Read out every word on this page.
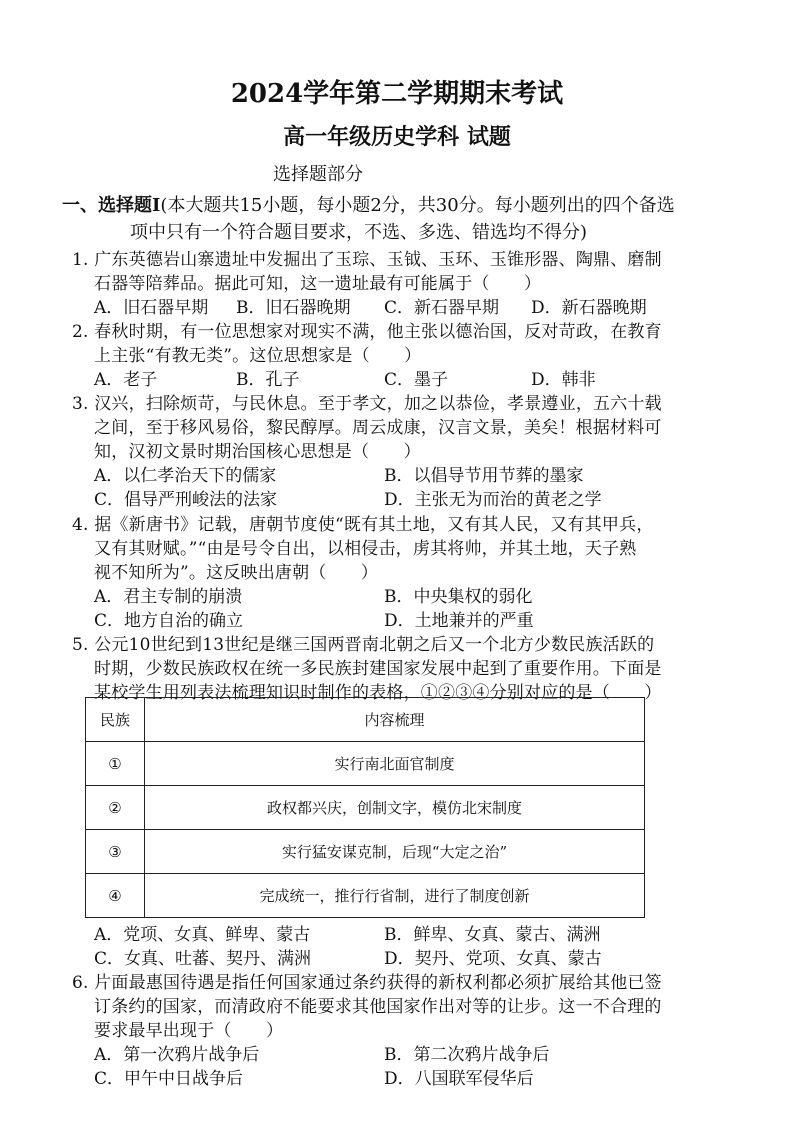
2024学年第二学期期末考试
高一年级历史学科 试题
选择题部分
一、选择题Ⅰ(本大题共15小题，每小题2分，共30分。每小题列出的四个备选
项中只有一个符合题目要求，不选、多选、错选均不得分)
1. 广东英德岩山寨遗址中发掘出了玉琮、玉钺、玉环、玉锥形器、陶鼎、磨制
石器等陪葬品。据此可知，这一遗址最有可能属于（　　）
A．旧石器早期 B．旧石器晚期 C．新石器早期 D．新石器晚期
2. 春秋时期，有一位思想家对现实不满，他主张以德治国，反对苛政，在教育
上主张“有教无类”。这位思想家是（　　）
A．老子	B．孔子	C．墨子	D．韩非
3. 汉兴，扫除烦苛，与民休息。至于孝文，加之以恭俭，孝景遵业，五六十载
之间，至于移风易俗，黎民醇厚。周云成康，汉言文景，美矣！根据材料可
知，汉初文景时期治国核心思想是（　　）
A．以仁孝治天下的儒家	B．以倡导节用节葬的墨家
C．倡导严刑峻法的法家	D．主张无为而治的黄老之学
4. 据《新唐书》记载，唐朝节度使“既有其土地，又有其人民，又有其甲兵，
又有其财赋。”“由是号令自出，以相侵击，虏其将帅，并其土地，天子熟
视不知所为”。这反映出唐朝（　　）
A．君主专制的崩溃	B．中央集权的弱化
C．地方自治的确立	D．土地兼并的严重
5. 公元10世纪到13世纪是继三国两晋南北朝之后又一个北方少数民族活跃的
时期，少数民族政权在统一多民族封建国家发展中起到了重要作用。下面是
某校学生用列表法梳理知识时制作的表格，①②③④分别对应的是（　　）
民族	内容梳理
①	实行南北面官制度
②	政权都兴庆，创制文字，模仿北宋制度
③	实行猛安谋克制，后现“大定之治”
④	完成统一，推行行省制，进行了制度创新
A．党项、女真、鲜卑、蒙古	B．鲜卑、女真、蒙古、满洲
C．女真、吐蕃、契丹、满洲	D．契丹、党项、女真、蒙古
6. 片面最惠国待遇是指任何国家通过条约获得的新权利都必须扩展给其他已签
订条约的国家，而清政府不能要求其他国家作出对等的让步。这一不合理的
要求最早出现于（　　）
A．第一次鸦片战争后	B．第二次鸦片战争后
C．甲午中日战争后	D．八国联军侵华后
